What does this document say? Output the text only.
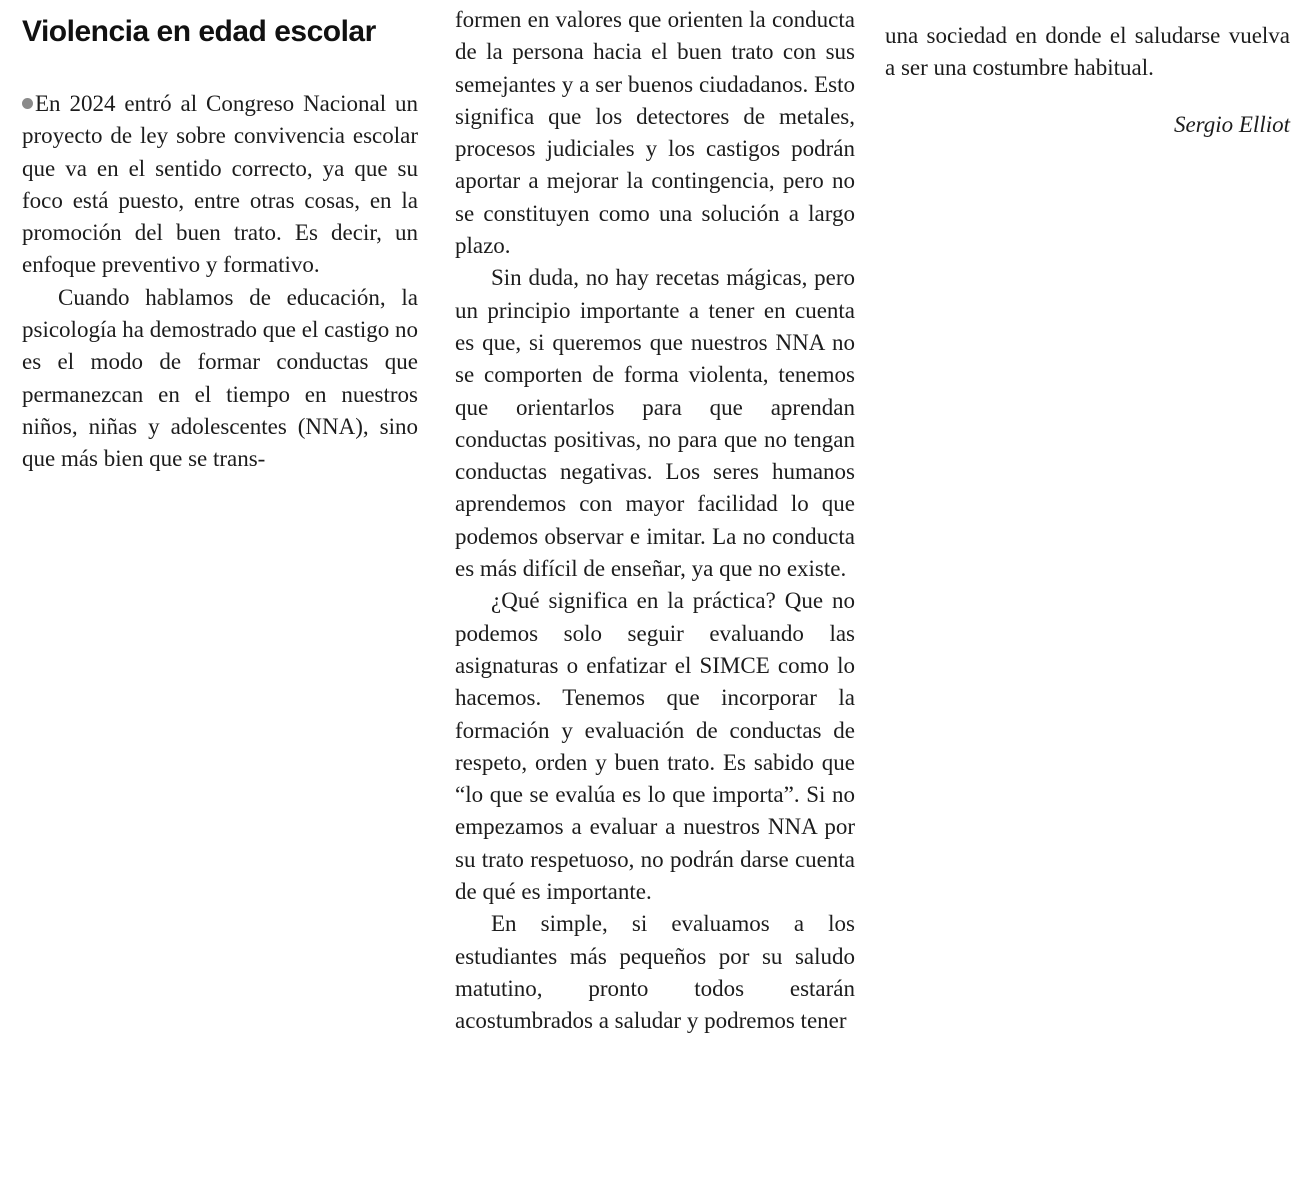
Violencia en edad escolar

En 2024 entró al Congreso Nacional un proyecto de ley sobre convivencia escolar que va en el sentido correcto, ya que su foco está puesto, entre otras cosas, en la promoción del buen trato. Es decir, un enfoque preventivo y formativo.

Cuando hablamos de educación, la psicología ha demostrado que el castigo no es el modo de formar conductas que permanezcan en el tiempo en nuestros niños, niñas y adolescentes (NNA), sino que más bien que se trans-

formen en valores que orienten la conducta de la persona hacia el buen trato con sus semejantes y a ser buenos ciudadanos. Esto significa que los detectores de metales, procesos judiciales y los castigos podrán aportar a mejorar la contingencia, pero no se constituyen como una solución a largo plazo.

Sin duda, no hay recetas mágicas, pero un principio importante a tener en cuenta es que, si queremos que nuestros NNA no se comporten de forma violenta, tenemos que orientarlos para que aprendan conductas positivas, no para que no tengan conductas negativas. Los seres humanos aprendemos con mayor facilidad lo que podemos observar e imitar. La no conducta es más difícil de enseñar, ya que no existe.

¿Qué significa en la práctica? Que no podemos solo seguir evaluando las asignaturas o enfatizar el SIMCE como lo hacemos. Tenemos que incorporar la formación y evaluación de conductas de respeto, orden y buen trato. Es sabido que “lo que se evalúa es lo que importa”. Si no empezamos a evaluar a nuestros NNA por su trato respetuoso, no podrán darse cuenta de qué es importante.

En simple, si evaluamos a los estudiantes más pequeños por su saludo matutino, pronto todos estarán acostumbrados a saludar y podremos tener

una sociedad en donde el saludarse vuelva a ser una costumbre habitual.

Sergio Elliot
